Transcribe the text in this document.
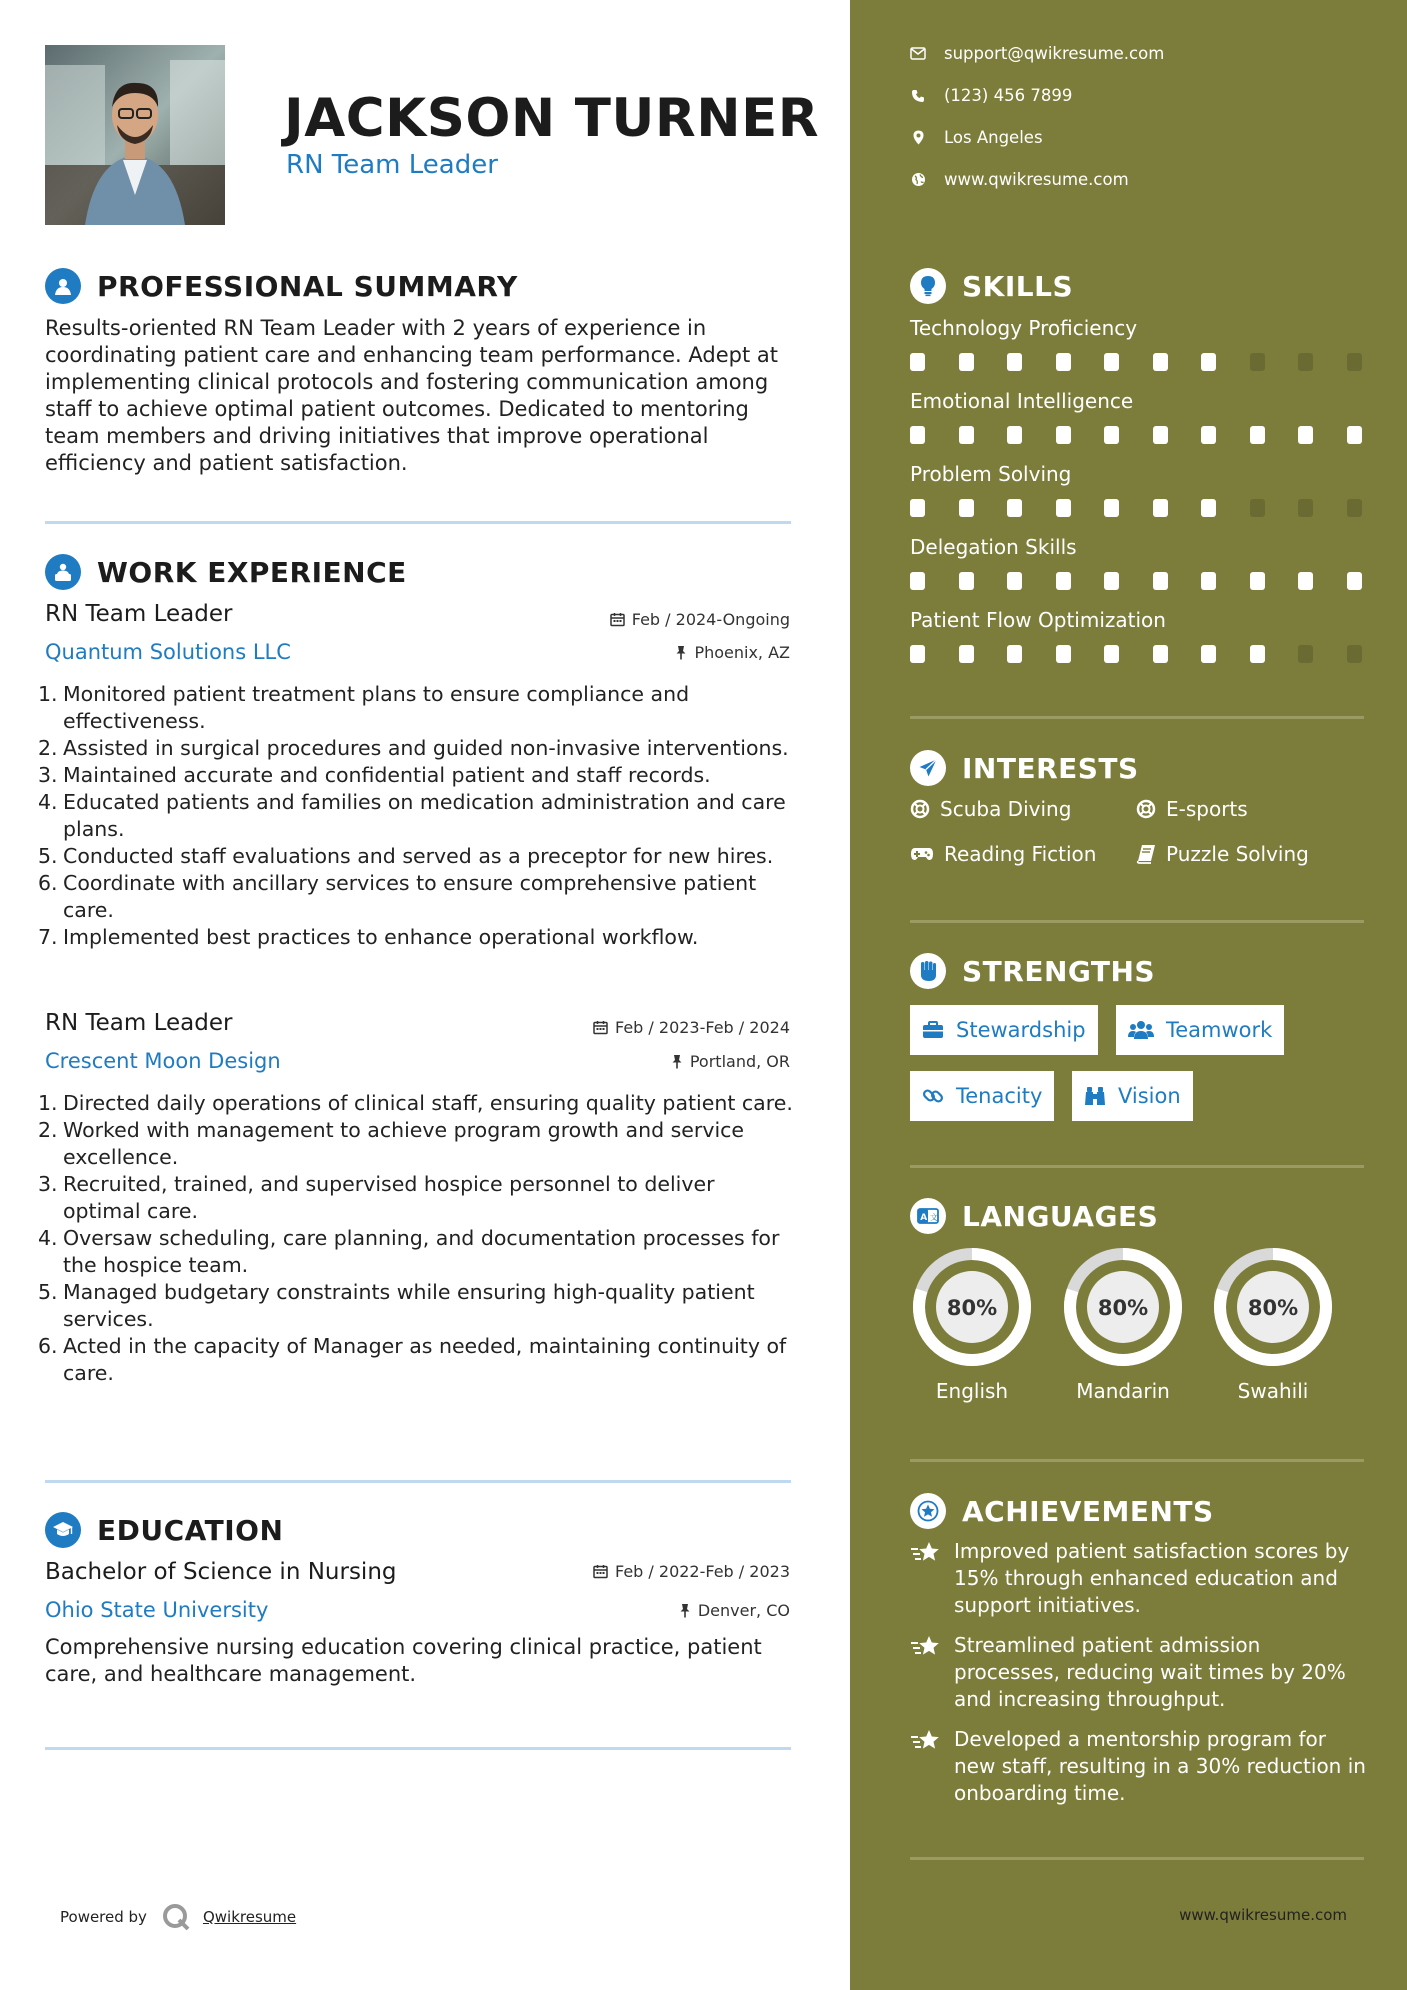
JACKSON TURNER
RN Team Leader
PROFESSIONAL SUMMARY
Results-oriented RN Team Leader with 2 years of experience in coordinating patient care and enhancing team performance. Adept at implementing clinical protocols and fostering communication among staff to achieve optimal patient outcomes. Dedicated to mentoring team members and driving initiatives that improve operational efficiency and patient satisfaction.
WORK EXPERIENCE
RN Team Leader	Feb / 2024-Ongoing
Quantum Solutions LLC	Phoenix, AZ
1. Monitored patient treatment plans to ensure compliance and effectiveness.
2. Assisted in surgical procedures and guided non-invasive interventions.
3. Maintained accurate and confidential patient and staff records.
4. Educated patients and families on medication administration and care plans.
5. Conducted staff evaluations and served as a preceptor for new hires.
6. Coordinate with ancillary services to ensure comprehensive patient care.
7. Implemented best practices to enhance operational workflow.
RN Team Leader	Feb / 2023-Feb / 2024
Crescent Moon Design	Portland, OR
1. Directed daily operations of clinical staff, ensuring quality patient care.
2. Worked with management to achieve program growth and service excellence.
3. Recruited, trained, and supervised hospice personnel to deliver optimal care.
4. Oversaw scheduling, care planning, and documentation processes for the hospice team.
5. Managed budgetary constraints while ensuring high-quality patient services.
6. Acted in the capacity of Manager as needed, maintaining continuity of care.
EDUCATION
Bachelor of Science in Nursing	Feb / 2022-Feb / 2023
Ohio State University	Denver, CO
Comprehensive nursing education covering clinical practice, patient care, and healthcare management.
Powered by	Qwikresume
support@qwikresume.com
(123) 456 7899
Los Angeles
www.qwikresume.com
SKILLS
Technology Proficiency
Emotional Intelligence
Problem Solving
Delegation Skills
Patient Flow Optimization
INTERESTS
Scuba Diving	E-sports
Reading Fiction	Puzzle Solving
STRENGTHS
Stewardship	Teamwork
Tenacity	Vision
A 文 LANGUAGES
80%
English
80%
Mandarin
80%
Swahili
ACHIEVEMENTS
Improved patient satisfaction scores by 15% through enhanced education and support initiatives.
Streamlined patient admission processes, reducing wait times by 20% and increasing throughput.
Developed a mentorship program for new staff, resulting in a 30% reduction in onboarding time.
www.qwikresume.com
